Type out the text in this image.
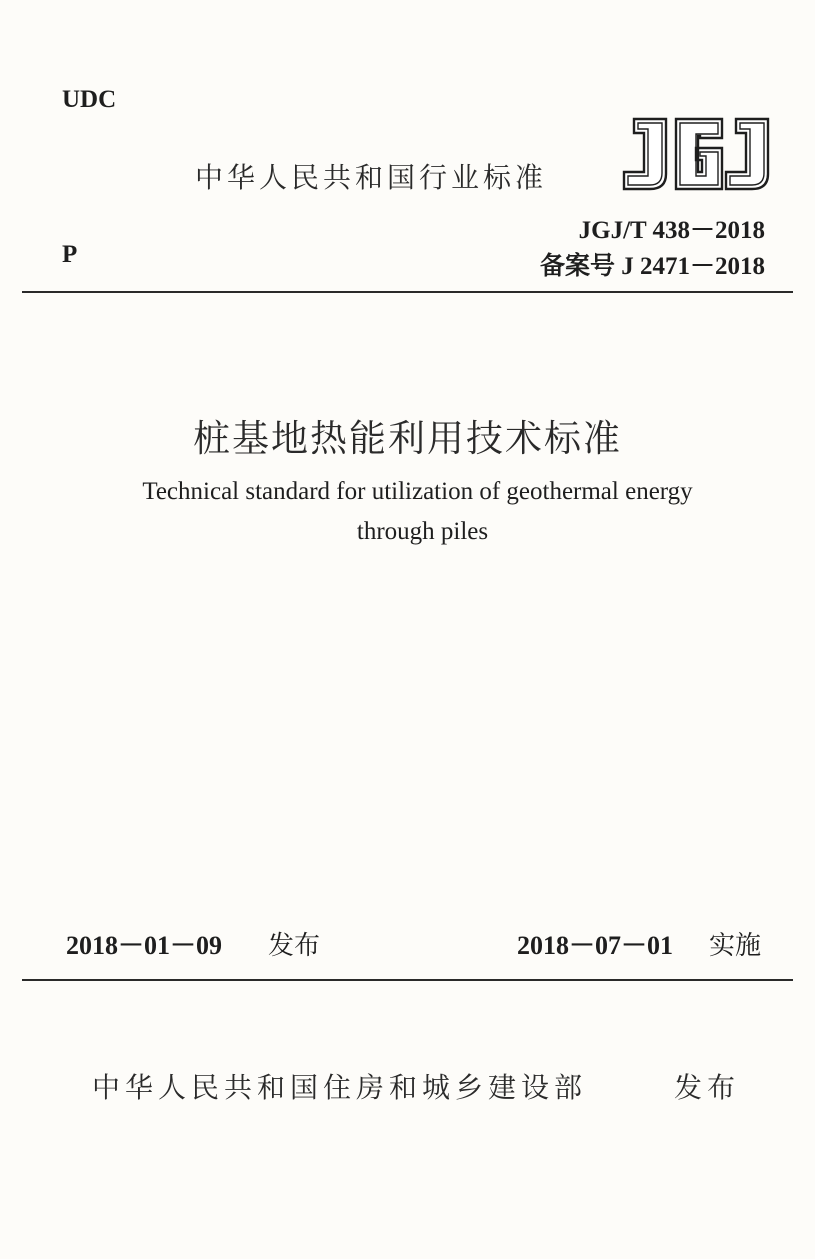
UDC
中华人民共和国行业标准
JGJ/T 438－2018
P	备案号 J 2471－2018
桩基地热能利用技术标准
Technical standard for utilization of geothermal energy
through piles
2018－01－09 发布	2018－07－01 实施
中华人民共和国住房和城乡建设部	发布
